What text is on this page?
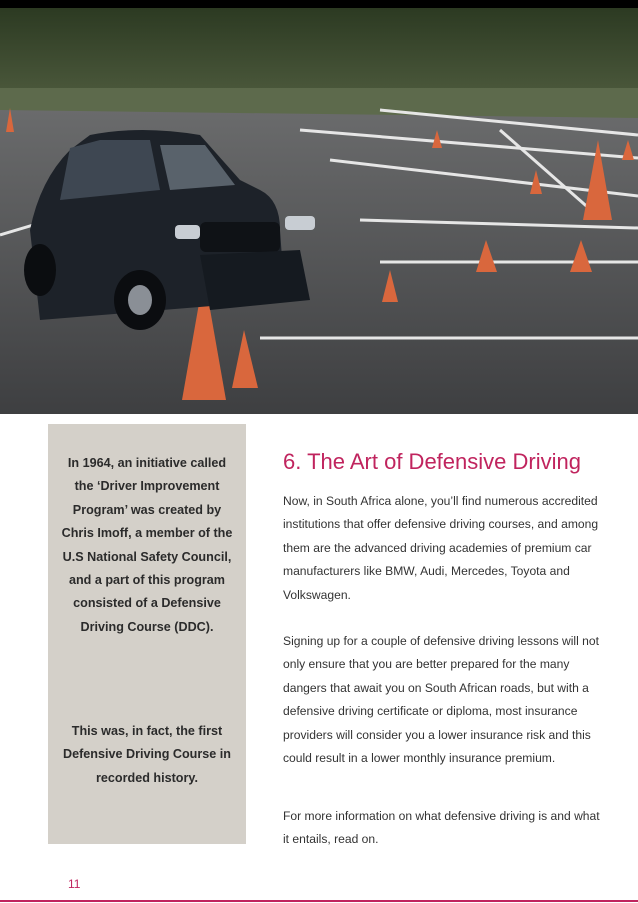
In 1964, an initiative called the ‘Driver Improvement Program’ was created by Chris Imoff, a member of the U.S National Safety Council, and a part of this program consisted of a Defensive Driving Course (DDC).

This was, in fact, the first Defensive Driving Course in recorded history.

6. The Art of Defensive Driving

Now, in South Africa alone, you’ll find numerous accredited institutions that offer defensive driving courses, and among them are the advanced driving academies of premium car manufacturers like BMW, Audi, Mercedes, Toyota and Volkswagen.

Signing up for a couple of defensive driving lessons will not only ensure that you are better prepared for the many dangers that await you on South African roads, but with a defensive driving certificate or diploma, most insurance providers will consider you a lower insurance risk and this could result in a lower monthly insurance premium.

For more information on what defensive driving is and what it entails, read on.

11
